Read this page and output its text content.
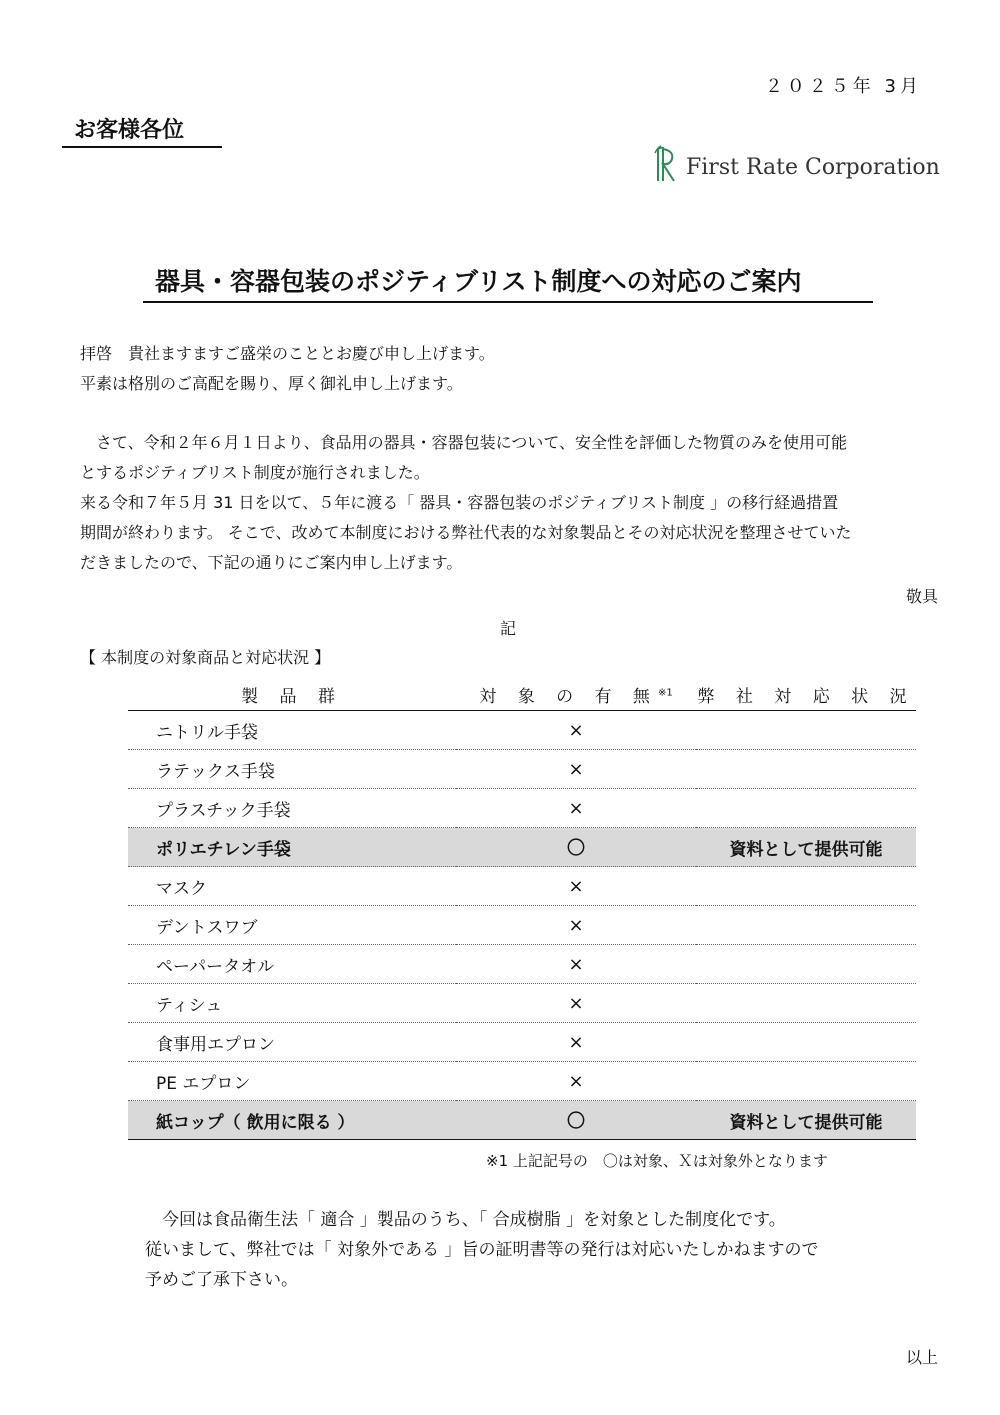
２０２５年 3月
お客様各位
First Rate Corporation
器具・容器包装のポジティブリスト制度への対応のご案内
拝啓　貴社ますますご盛栄のこととお慶び申し上げます。
平素は格別のご高配を賜り、厚く御礼申し上げます。
　さて、令和２年６月１日より、食品用の器具・容器包装について、安全性を評価した物質のみを使用可能
とするポジティブリスト制度が施行されました。
来る令和７年５月 31 日を以て、５年に渡る「 器具・容器包装のポジティブリスト制度 」の移行経過措置
期間が終わります。 そこで、改めて本制度における弊社代表的な対象製品とその対応状況を整理させていた
だきましたので、下記の通りにご案内申し上げます。
敬具
記
【 本制度の対象商品と対応状況 】
製 品 群	対 象 の 有 無$^{※1}$	弊 社 対 応 状 況
ニトリル手袋	×	
ラテックス手袋	×	
プラスチック手袋	×	
ポリエチレン手袋	〇	資料として提供可能
マスク	×	
デントスワブ	×	
ペーパータオル	×	
ティシュ	×	
食事用エプロン	×	
PE エプロン	×	
紙コップ（ 飲用に限る ）	〇	資料として提供可能
※1 上記記号の　〇は対象、Ｘは対象外となります
　今回は食品衛生法「 適合 」製品のうち、「 合成樹脂 」を対象とした制度化です。
従いまして、弊社では「 対象外である 」旨の証明書等の発行は対応いたしかねますので
予めご了承下さい。
以上
